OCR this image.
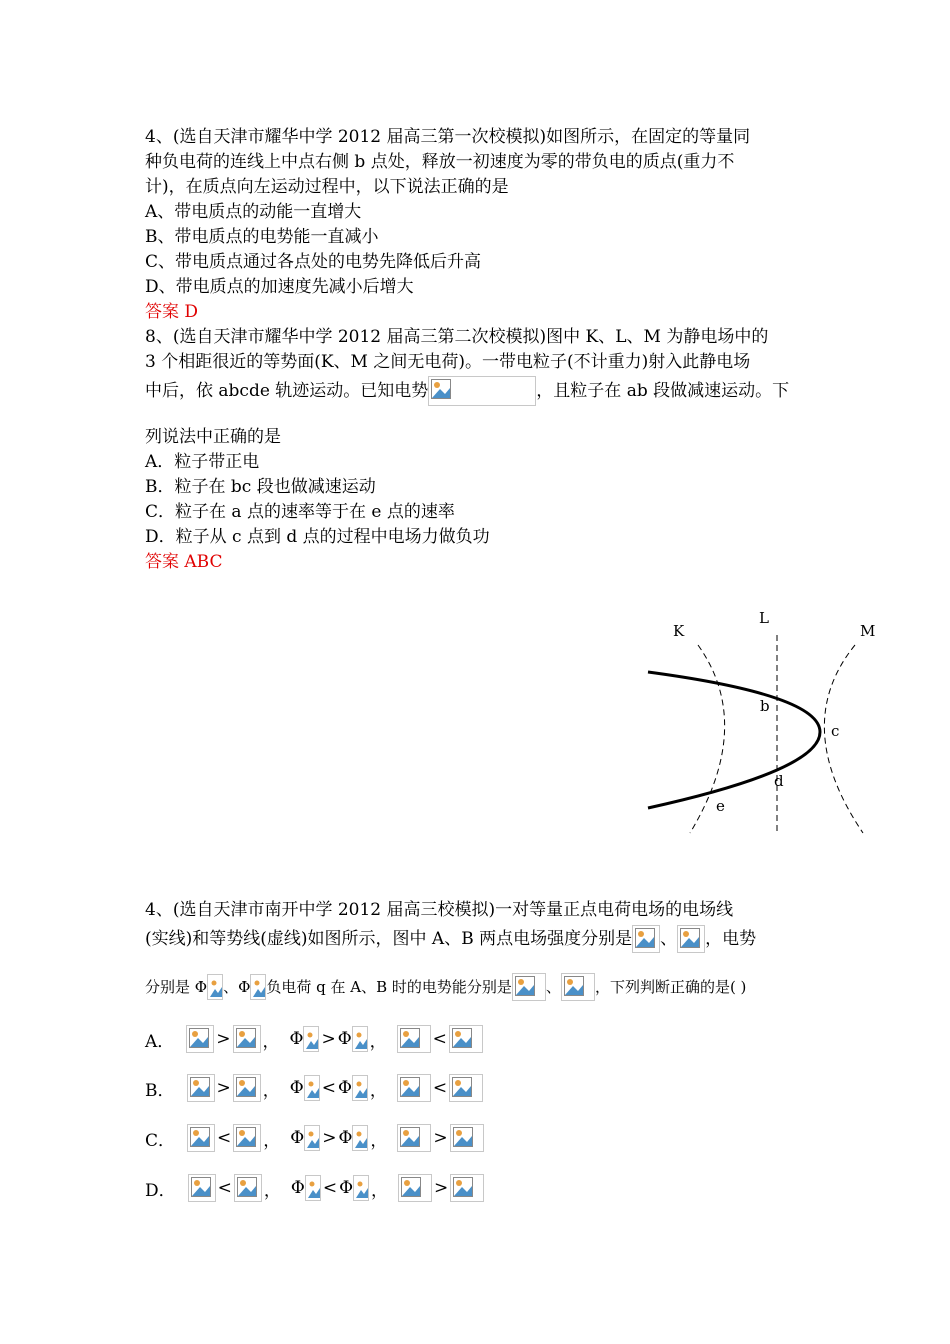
4、(选自天津市耀华中学 2012 届高三第一次校模拟)如图所示，在固定的等量同
种负电荷的连线上中点右侧 b 点处，释放一初速度为零的带负电的质点(重力不
计)，在质点向左运动过程中，以下说法正确的是
A、带电质点的动能一直增大
B、带电质点的电势能一直减小
C、带电质点通过各点处的电势先降低后升高
D、带电质点的加速度先减小后增大
答案 D
8、(选自天津市耀华中学 2012 届高三第二次校模拟)图中 K、L、M 为静电场中的
3 个相距很近的等势面(K、M 之间无电荷)。一带电粒子(不计重力)射入此静电场
中后，依 abcde 轨迹运动。已知电势	，且粒子在 ab 段做减速运动。下
列说法中正确的是
A．粒子带正电
B．粒子在 bc 段也做减速运动
C．粒子在 a 点的速率等于在 e 点的速率
D．粒子从 c 点到 d 点的过程中电场力做负功
答案 ABC
K
L
M
b
c
d
e
4、(选自天津市南开中学 2012 届高三校模拟)一对等量正点电荷电场的电场线
(实线)和等势线(虚线)如图所示，图中 A、B 两点电场强度分别是 、 ，电势
分别是 Φ 、Φ 负电荷 q 在 A、B 时的电势能分别是 、 ，下列判断正确的是( )
A． > ， Φ > Φ ，	<
B． > ， Φ < Φ ，	<
C． < ， Φ > Φ ，	>
D． < ， Φ < Φ ，	>
